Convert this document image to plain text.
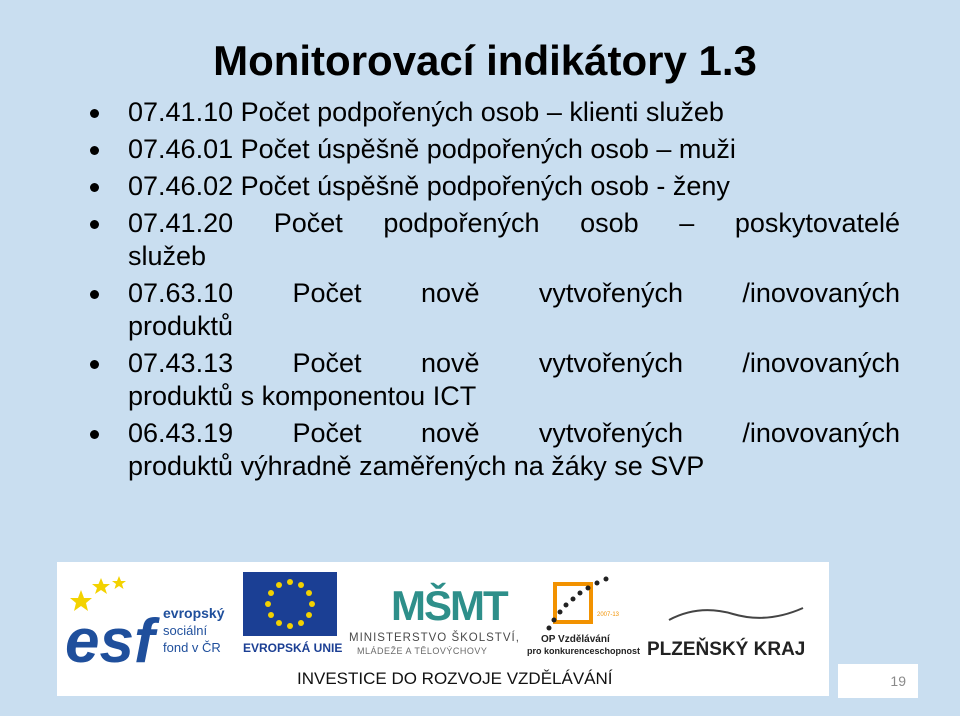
Monitorovací indikátory 1.3
07.41.10 Počet podpořených osob – klienti služeb
07.46.01 Počet úspěšně podpořených osob – muži
07.46.02 Počet úspěšně podpořených osob - ženy
07.41.20 Počet podpořených osob – poskytovatelé
služeb
07.63.10 Počet nově vytvořených /inovovaných
produktů
07.43.13 Počet nově vytvořených /inovovaných
produktů s komponentou ICT
06.43.19 Počet nově vytvořených /inovovaných
produktů výhradně zaměřených na žáky se SVP
esf evropský
sociální
fond v ČR EVROPSKÁ UNIE
MŠMT
MINISTERSTVO ŠKOLSTVÍ,
MLÁDEŽE A TĚLOVÝCHOVY
2007-13
OP Vzdělávání
pro konkurenceschopnost PLZEŇSKÝ KRAJ
INVESTICE DO ROZVOJE VZDĚLÁVÁNÍ	19
